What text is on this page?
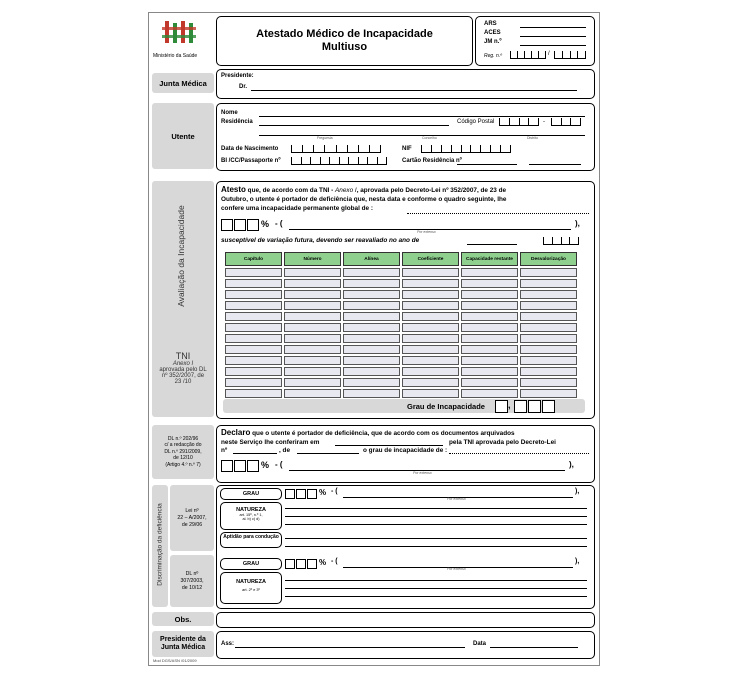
Ministério da Saúde
Atestado Médico de Incapacidade
Multiuso
ARS
ACES
JM n.º
Reg. n.º	/
Junta Médica
Presidente:
Dr.
Utente
Nome
Residência	Código Postal	-
Freguesia	Concelho	Distrito
Data de Nascimento	NIF
BI /CC/Passaporte nº	Cartão Residência nº
Avaliação da Incapacidade
TNI
Anexo I
aprovada pelo DL
nº 352/2007, de
23 /10
Atesto que, de acordo com da TNI - Anexo I, aprovada pelo Decreto-Lei nº 352/2007, de 23 de
Outubro, o utente é portador de deficiência que, nesta data e conforme o quadro seguinte, lhe
confere uma incapacidade permanente global de :
% - (	),
Por extenso
susceptível de variação futura, devendo ser reavaliado no ano de
Capítulo	Número	Alínea	Coeficiente	Capacidade restante	Desvalorização

Grau de Incapacidade	,
DL n.º 202/96
c/ a redacção do
DL n.º 291/2009,
de 12/10
(Artigo 4.º n.º 7)
Declaro que o utente é portador de deficiência, que de acordo com os documentos arquivados
neste Serviço lhe conferiram em	pela TNI aprovada pelo Decreto-Lei
nº	, de	o grau de incapacidade de :
% - (	),
Por extenso
Discriminação da deficiência	Lei nº
22 – A/2007,
de 29/06
DL nº
307/2003,
de 10/12
GRAU	% - (	),
Por extenso
NATUREZA
art. 15º, n.º 1,
al. b) c) d)
Aptidão para condução
GRAU	% - (	),
Por extenso
NATUREZA
art. 2º e 3º
Obs.
Presidente da Junta Médica	Ass:	Data
Mod DGS/ASN /01/2009
